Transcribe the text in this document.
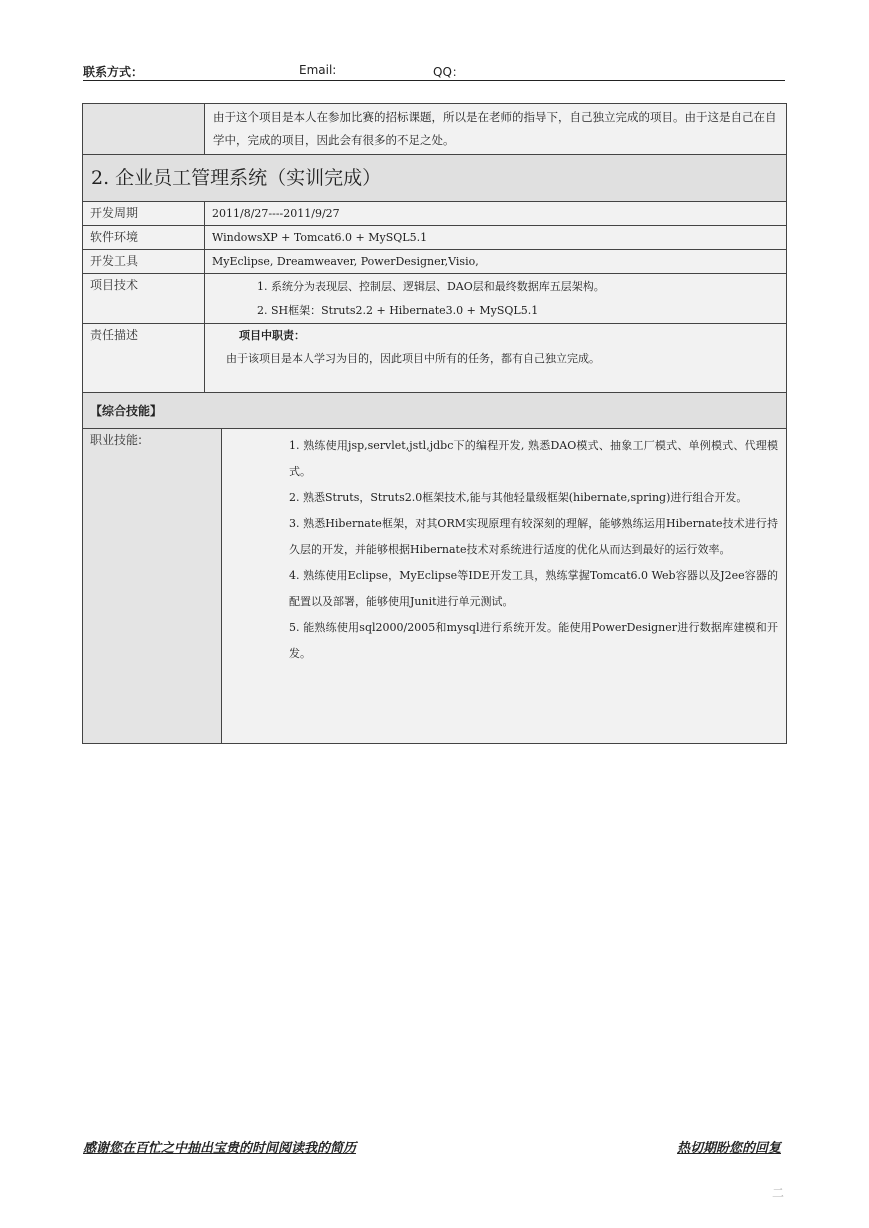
联系方式：	Email:	QQ：
	由于这个项目是本人在参加比赛的招标课题，所以是在老师的指导下，自己独立完成的项目。由于这是自己在自学中，完成的项目，因此会有很多的不足之处。
2. 企业员工管理系统（实训完成）	
开发周期	2011/8/27----2011/9/27
软件环境	WindowsXP + Tomcat6.0 + MySQL5.1
开发工具	MyEclipse, Dreamweaver, PowerDesigner,Visio,
项目技术	1. 系统分为表现层、控制层、逻辑层、DAO层和最终数据库五层架构。
2. SH框架：Struts2.2 + Hibernate3.0 + MySQL5.1

责任描述	项目中职责：
由于该项目是本人学习为目的，因此项目中所有的任务，都有自己独立完成。

【综合技能】	
职业技能:	1. 熟练使用jsp,servlet,jstl,jdbc下的编程开发, 熟悉DAO模式、抽象工厂模式、单例模式、代理模式。

2. 熟悉Struts，Struts2.0框架技术,能与其他轻量级框架(hibernate,spring)进行组合开发。

3. 熟悉Hibernate框架，对其ORM实现原理有较深刻的理解，能够熟练运用Hibernate技术进行持久层的开发，并能够根据Hibernate技术对系统进行适度的优化从而达到最好的运行效率。

4. 熟练使用Eclipse，MyEclipse等IDE开发工具，熟练掌握Tomcat6.0 Web容器以及J2ee容器的配置以及部署，能够使用Junit进行单元测试。

5. 能熟练使用sql2000/2005和mysql进行系统开发。能使用PowerDesigner进行数据库建模和开发。

感谢您在百忙之中抽出宝贵的时间阅读我的简历	热切期盼您的回复
二
